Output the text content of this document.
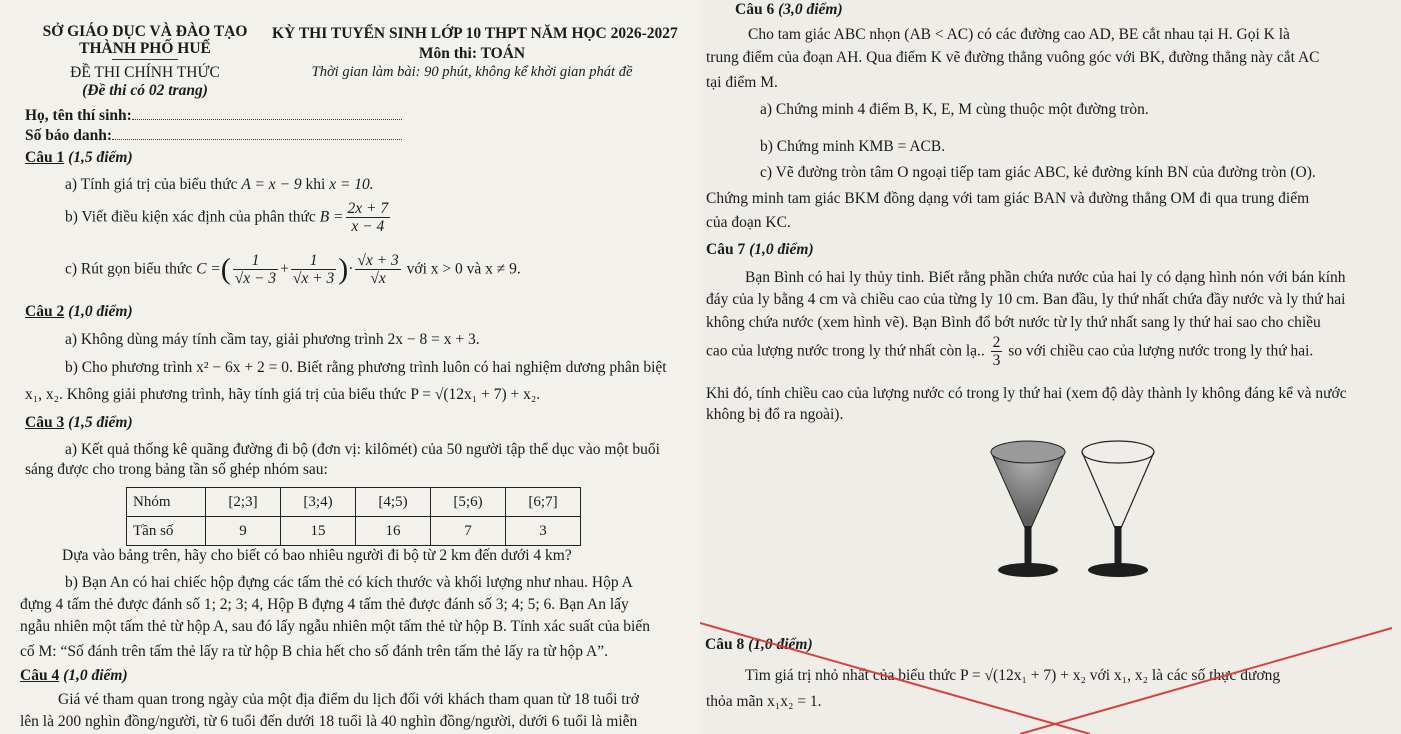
SỞ GIÁO DỤC VÀ ĐÀO TẠO
THÀNH PHỐ HUẾ
ĐỀ THI CHÍNH THỨC
(Đề thi có 02 trang)
KỲ THI TUYỂN SINH LỚP 10 THPT NĂM HỌC 2026-2027
Môn thi: TOÁN
Thời gian làm bài: 90 phút, không kể khời gian phát đề
Họ, tên thí sinh:
Số báo danh:
Câu 1 (1,5 điểm)
a) Tính giá trị của biểu thức A = x − 9 khi x = 10.
b) Viết điều kiện xác định của phân thức $B = \frac{2x + 7}{x - 4}$
c) Rút gọn biểu thức C =( $\frac{1}{√x - 3} + \frac{1}{√x + 3}$ )· $\frac{√x + 3}{√x}$ với x > 0 và x ≠ 9.
Câu 2 (1,0 điểm)
a) Không dùng máy tính cầm tay, giải phương trình 2x − 8 = x + 3.
b) Cho phương trình x² − 6x + 2 = 0. Biết rằng phương trình luôn có hai nghiệm dương phân biệt
x₁, x₂. Không giải phương trình, hãy tính giá trị của biểu thức P = √(12x₁ + 7) + x₂.
Câu 3 (1,5 điểm)
a) Kết quả thống kê quãng đường đi bộ (đơn vị: kilômét) của 50 người tập thể dục vào một buổi
sáng được cho trong bảng tần số ghép nhóm sau:
Nhóm	[2;3]	[3;4)	[4;5)	[5;6)	[6;7]
Tần số	9	15	16	7	3
Dựa vào bảng trên, hãy cho biết có bao nhiêu người đi bộ từ 2 km đến dưới 4 km?
b) Bạn An có hai chiếc hộp đựng các tấm thẻ có kích thước và khối lượng như nhau. Hộp A
đựng 4 tấm thẻ được đánh số 1; 2; 3; 4, Hộp B đựng 4 tấm thẻ được đánh số 3; 4; 5; 6. Bạn An lấy
ngẫu nhiên một tấm thẻ từ hộp A, sau đó lấy ngẫu nhiên một tấm thẻ từ hộp B. Tính xác suất của biến
cố M: “Số đánh trên tấm thẻ lấy ra từ hộp B chia hết cho số đánh trên tấm thẻ lấy ra từ hộp A”.
Câu 4 (1,0 điểm)
Giá vé tham quan trong ngày của một địa điểm du lịch đối với khách tham quan từ 18 tuổi trở
lên là 200 nghìn đồng/người, từ 6 tuổi đến dưới 18 tuổi là 40 nghìn đồng/người, dưới 6 tuổi là miễn
Câu 6 (3,0 điểm)
Cho tam giác ABC nhọn (AB < AC) có các đường cao AD, BE cắt nhau tại H. Gọi K là
trung điểm của đoạn AH. Qua điểm K vẽ đường thẳng vuông góc với BK, đường thẳng này cắt AC
tại điểm M.
a) Chứng minh 4 điểm B, K, E, M cùng thuộc một đường tròn.
b) Chứng minh KMB = ACB.
c) Vẽ đường tròn tâm O ngoại tiếp tam giác ABC, kẻ đường kính BN của đường tròn (O).
Chứng minh tam giác BKM đồng dạng với tam giác BAN và đường thẳng OM đi qua trung điểm
của đoạn KC.
Câu 7 (1,0 điểm)
Bạn Bình có hai ly thủy tinh. Biết rằng phần chứa nước của hai ly có dạng hình nón với bán kính
đáy của ly bằng 4 cm và chiều cao của từng ly 10 cm. Ban đầu, ly thứ nhất chứa đầy nước và ly thứ hai
không chứa nước (xem hình vẽ). Bạn Bình đổ bớt nước từ ly thứ nhất sang ly thứ hai sao cho chiều
cao của lượng nước trong ly thứ nhất còn lạ.. $\frac{2}{3}$ so với chiều cao của lượng nước trong ly thứ hai.
Khi đó, tính chiều cao của lượng nước có trong ly thứ hai (xem độ dày thành ly không đáng kể và nước
không bị đổ ra ngoài).
Câu 8 (1,0 điểm)
Tìm giá trị nhỏ nhất của biểu thức P = √(12x₁ + 7) + x₂ với x₁, x₂ là các số thực dương
thỏa mãn x₁x₂ = 1.
